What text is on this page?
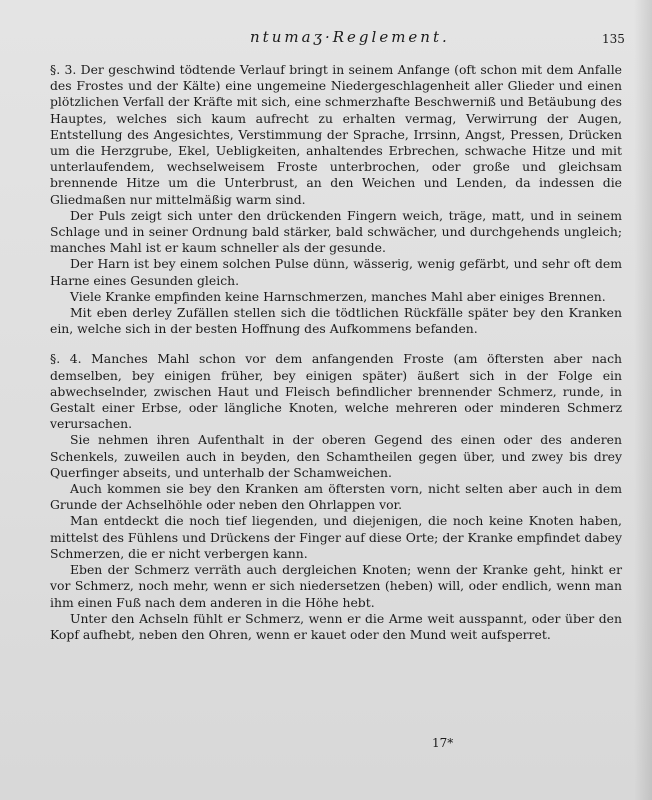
ntumaʒ·Reglement.	135

§. 3. Der geschwind tödtende Verlauf bringt in seinem Anfange (oft schon mit dem Anfalle des Frostes und der Kälte) eine ungemeine Niedergeschlagenheit aller Glieder und einen plötzlichen Verfall der Kräfte mit sich, eine schmerzhafte Beschwerniß und Betäubung des Hauptes, welches sich kaum aufrecht zu erhalten vermag, Verwirrung der Augen, Entstellung des Angesichtes, Verstimmung der Sprache, Irrsinn, Angst, Pressen, Drücken um die Herzgrube, Ekel, Uebligkeiten, anhaltendes Erbrechen, schwache Hitze und mit unterlaufendem, wechselweisem Froste unterbrochen, oder große und gleichsam brennende Hitze um die Unterbrust, an den Weichen und Lenden, da indessen die Gliedmaßen nur mittelmäßig warm sind.

Der Puls zeigt sich unter den drückenden Fingern weich, träge, matt, und in seinem Schlage und in seiner Ordnung bald stärker, bald schwächer, und durchgehends ungleich; manches Mahl ist er kaum schneller als der gesunde.

Der Harn ist bey einem solchen Pulse dünn, wässerig, wenig gefärbt, und sehr oft dem Harne eines Gesunden gleich.

Viele Kranke empfinden keine Harnschmerzen, manches Mahl aber einiges Brennen.

Mit eben derley Zufällen stellen sich die tödtlichen Rückfälle später bey den Kranken ein, welche sich in der besten Hoffnung des Aufkommens befanden.

§. 4. Manches Mahl schon vor dem anfangenden Froste (am öftersten aber nach demselben, bey einigen früher, bey einigen später) äußert sich in der Folge ein abwechselnder, zwischen Haut und Fleisch befindlicher brennender Schmerz, runde, in Gestalt einer Erbse, oder längliche Knoten, welche mehreren oder minderen Schmerz verursachen.

Sie nehmen ihren Aufenthalt in der oberen Gegend des einen oder des anderen Schenkels, zuweilen auch in beyden, den Schamtheilen gegen über, und zwey bis drey Querfinger abseits, und unterhalb der Schamweichen.

Auch kommen sie bey den Kranken am öftersten vorn, nicht selten aber auch in dem Grunde der Achselhöhle oder neben den Ohrlappen vor.

Man entdeckt die noch tief liegenden, und diejenigen, die noch keine Knoten haben, mittelst des Fühlens und Drückens der Finger auf diese Orte; der Kranke empfindet dabey Schmerzen, die er nicht verbergen kann.

Eben der Schmerz verräth auch dergleichen Knoten; wenn der Kranke geht, hinkt er vor Schmerz, noch mehr, wenn er sich niedersetzen (heben) will, oder endlich, wenn man ihm einen Fuß nach dem anderen in die Höhe hebt.

Unter den Achseln fühlt er Schmerz, wenn er die Arme weit ausspannt, oder über den Kopf aufhebt, neben den Ohren, wenn er kauet oder den Mund weit aufsperret.

17*
